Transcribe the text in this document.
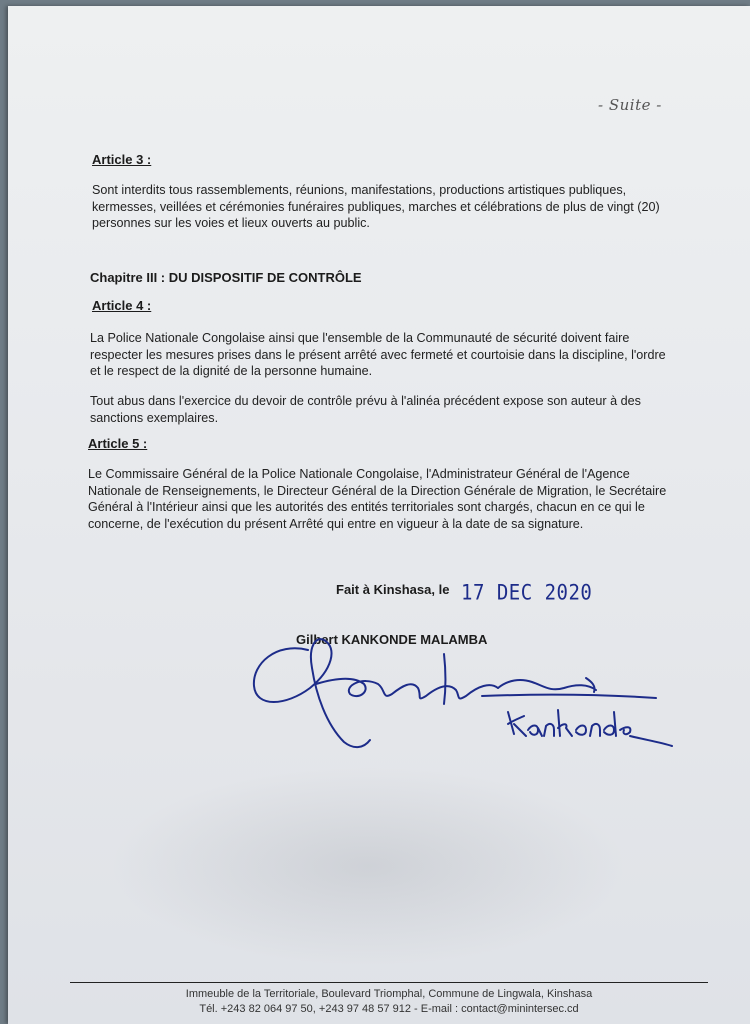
- Suite -
Article 3 :
Sont interdits tous rassemblements, réunions, manifestations, productions artistiques publiques,
kermesses, veillées et cérémonies funéraires publiques, marches et célébrations de plus de vingt (20)
personnes sur les voies et lieux ouverts au public.
Chapitre III : DU DISPOSITIF DE CONTRÔLE
Article 4 :
La Police Nationale Congolaise ainsi que l'ensemble de la Communauté de sécurité doivent faire
respecter les mesures prises dans le présent arrêté avec fermeté et courtoisie dans la discipline, l'ordre
et le respect de la dignité de la personne humaine.
Tout abus dans l'exercice du devoir de contrôle prévu à l'alinéa précédent expose son auteur à des
sanctions exemplaires.
Article 5 :
Le Commissaire Général de la Police Nationale Congolaise, l'Administrateur Général de l'Agence
Nationale de Renseignements, le Directeur Général de la Direction Générale de Migration, le Secrétaire
Général à l'Intérieur ainsi que les autorités des entités territoriales sont chargés, chacun en ce qui le
concerne, de l'exécution du présent Arrêté qui entre en vigueur à la date de sa signature.
Fait à Kinshasa, le 17 DEC 2020
Gilbert KANKONDE MALAMBA
Immeuble de la Territoriale, Boulevard Triomphal, Commune de Lingwala, Kinshasa
Tél. +243 82 064 97 50, +243 97 48 57 912 - E-mail : contact@minintersec.cd
